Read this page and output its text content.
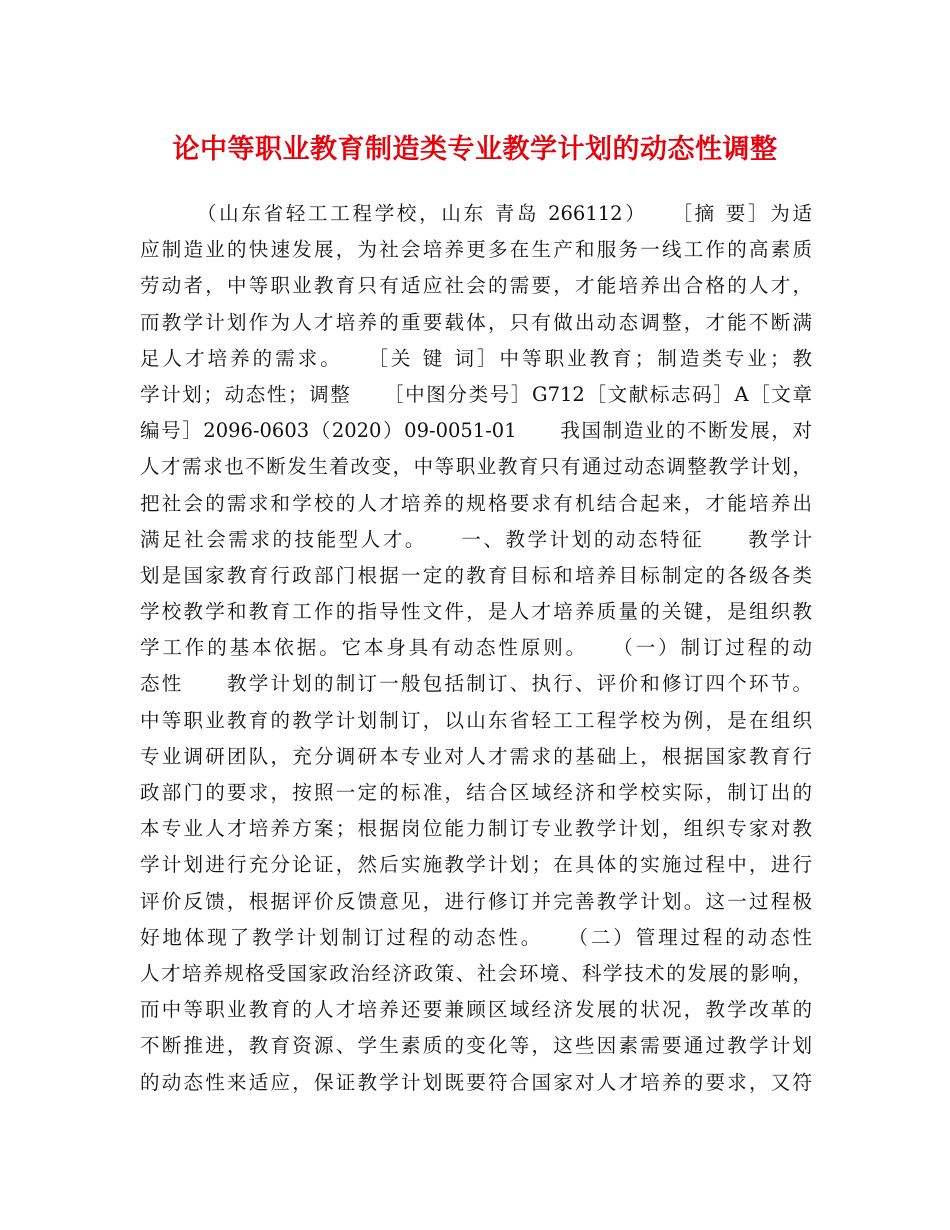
论中等职业教育制造类专业教学计划的动态性调整
　　　（山东省轻工工程学校，山东 青岛 266112）　　［摘 要］为适
应制造业的快速发展，为社会培养更多在生产和服务一线工作的高素质
劳动者，中等职业教育只有适应社会的需要，才能培养出合格的人才，
而教学计划作为人才培养的重要载体，只有做出动态调整，才能不断满
足人才培养的需求。　　［关 键 词］中等职业教育；制造类专业；教
学计划；动态性；调整　　［中图分类号］G712［文献标志码］A［文章
编号］2096-0603（2020）09-0051-01　　我国制造业的不断发展，对
人才需求也不断发生着改变，中等职业教育只有通过动态调整教学计划，
把社会的需求和学校的人才培养的规格要求有机结合起来，才能培养出
满足社会需求的技能型人才。　　一、教学计划的动态特征　　教学计
划是国家教育行政部门根据一定的教育目标和培养目标制定的各级各类
学校教学和教育工作的指导性文件，是人才培养质量的关键，是组织教
学工作的基本依据。它本身具有动态性原则。　　（一）制订过程的动
态性　　教学计划的制订一般包括制订、执行、评价和修订四个环节。
中等职业教育的教学计划制订，以山东省轻工工程学校为例，是在组织
专业调研团队，充分调研本专业对人才需求的基础上，根据国家教育行
政部门的要求，按照一定的标准，结合区域经济和学校实际，制订出的
本专业人才培养方案；根据岗位能力制订专业教学计划，组织专家对教
学计划进行充分论证，然后实施教学计划；在具体的实施过程中，进行
评价反馈，根据评价反馈意见，进行修订并完善教学计划。这一过程极
好地体现了教学计划制订过程的动态性。　　（二）管理过程的动态性
人才培养规格受国家政治经济政策、社会环境、科学技术的发展的影响，
而中等职业教育的人才培养还要兼顾区域经济发展的状况，教学改革的
不断推进，教育资源、学生素质的变化等，这些因素需要通过教学计划
的动态性来适应，保证教学计划既要符合国家对人才培养的要求，又符
